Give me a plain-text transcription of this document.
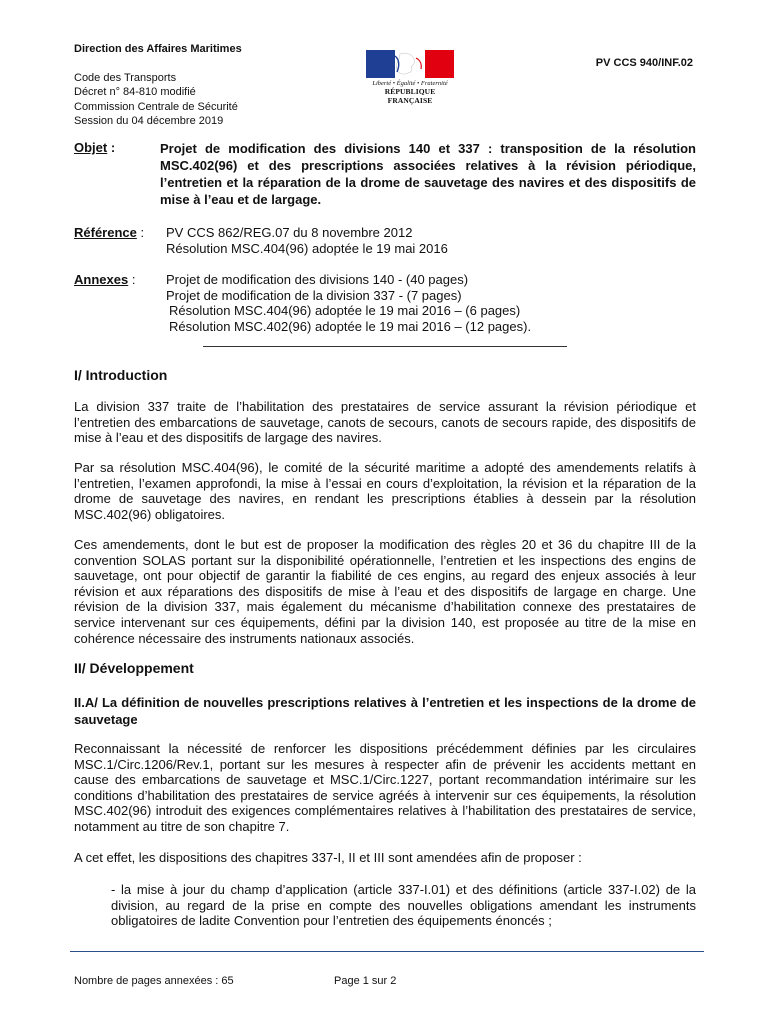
Direction des Affaires Maritimes
Code des Transports
Décret n° 84-810 modifié
Commission Centrale de Sécurité
Session du 04 décembre 2019
PV CCS 940/INF.02
Liberté • Égalité • Fraternité
RÉPUBLIQUE FRANÇAISE
Objet :	Projet de modification des divisions 140 et 337 : transposition de la résolution MSC.402(96) et des prescriptions associées relatives à la révision périodique, l’entretien et la réparation de la drome de sauvetage des navires et des dispositifs de mise à l’eau et de largage.
Référence : PV CCS 862/REG.07 du 8 novembre 2012
Résolution MSC.404(96) adoptée le 19 mai 2016
Annexes : Projet de modification des divisions 140 - (40 pages)
Projet de modification de la division 337 - (7 pages)
Résolution MSC.404(96) adoptée le 19 mai 2016 – (6 pages)
Résolution MSC.402(96) adoptée le 19 mai 2016 – (12 pages).
I/ Introduction
La division 337 traite de l’habilitation des prestataires de service assurant la révision périodique et l’entretien des embarcations de sauvetage, canots de secours, canots de secours rapide, des dispositifs de mise à l’eau et des dispositifs de largage des navires.
Par sa résolution MSC.404(96), le comité de la sécurité maritime a adopté des amendements relatifs à l’entretien, l’examen approfondi, la mise à l’essai en cours d’exploitation, la révision et la réparation de la drome de sauvetage des navires, en rendant les prescriptions établies à dessein par la résolution MSC.402(96) obligatoires.
Ces amendements, dont le but est de proposer la modification des règles 20 et 36 du chapitre III de la convention SOLAS portant sur la disponibilité opérationnelle, l’entretien et les inspections des engins de sauvetage, ont pour objectif de garantir la fiabilité de ces engins, au regard des enjeux associés à leur révision et aux réparations des dispositifs de mise à l’eau et des dispositifs de largage en charge. Une révision de la division 337, mais également du mécanisme d’habilitation connexe des prestataires de service intervenant sur ces équipements, défini par la division 140, est proposée au titre de la mise en cohérence nécessaire des instruments nationaux associés.
II/ Développement
II.A/ La définition de nouvelles prescriptions relatives à l’entretien et les inspections de la drome de sauvetage
Reconnaissant la nécessité de renforcer les dispositions précédemment définies par les circulaires MSC.1/Circ.1206/Rev.1, portant sur les mesures à respecter afin de prévenir les accidents mettant en cause des embarcations de sauvetage et MSC.1/Circ.1227, portant recommandation intérimaire sur les conditions d’habilitation des prestataires de service agréés à intervenir sur ces équipements, la résolution MSC.402(96) introduit des exigences complémentaires relatives à l’habilitation des prestataires de service, notamment au titre de son chapitre 7.
A cet effet, les dispositions des chapitres 337-I, II et III sont amendées afin de proposer :
- la mise à jour du champ d’application (article 337-I.01) et des définitions (article 337-I.02) de la division, au regard de la prise en compte des nouvelles obligations amendant les instruments obligatoires de ladite Convention pour l’entretien des équipements énoncés ;
Nombre de pages annexées : 65	Page 1 sur 2
